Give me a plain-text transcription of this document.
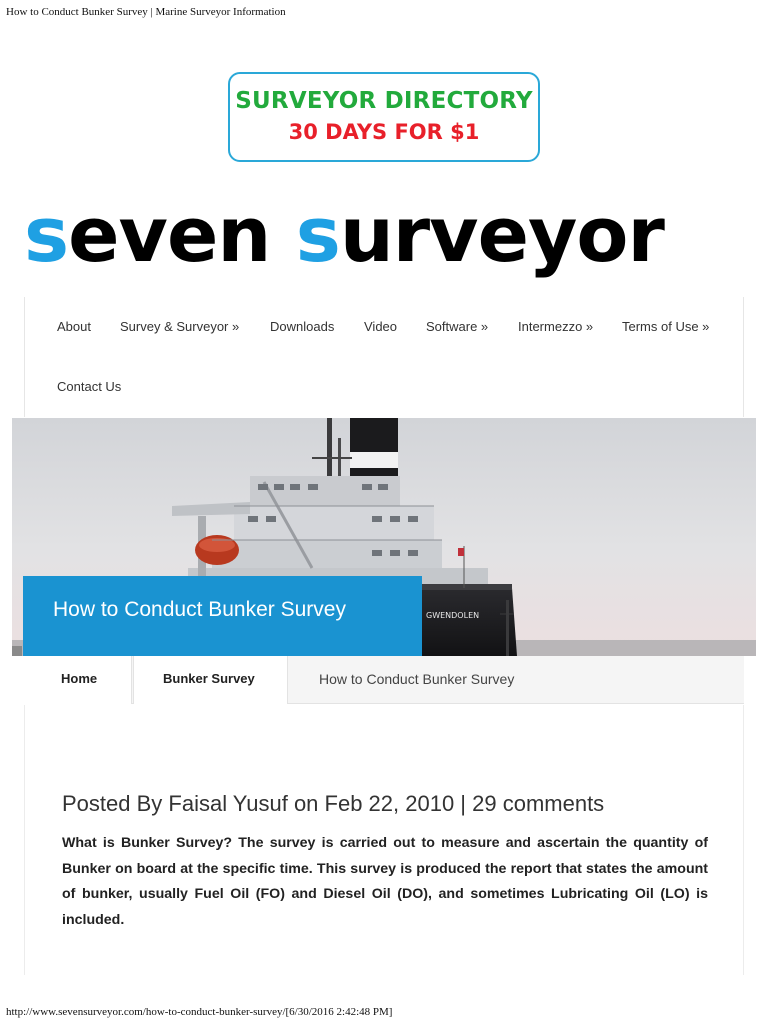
How to Conduct Bunker Survey | Marine Surveyor Information
SURVEYOR DIRECTORY
30 DAYS FOR $1
seven surveyor
About Survey & Surveyor » Downloads Video Software » Intermezzo » Terms of Use »
Contact Us
GWENDOLEN
How to Conduct Bunker Survey
Home	Bunker Survey	How to Conduct Bunker Survey
Posted By Faisal Yusuf on Feb 22, 2010 | 29 comments

What is Bunker Survey? The survey is carried out to measure and ascertain the quantity of Bunker on board at the specific time. This survey is produced the report that states the amount of bunker, usually Fuel Oil (FO) and Diesel Oil (DO), and sometimes Lubricating Oil (LO) is included.

http://www.sevensurveyor.com/how-to-conduct-bunker-survey/[6/30/2016 2:42:48 PM]
